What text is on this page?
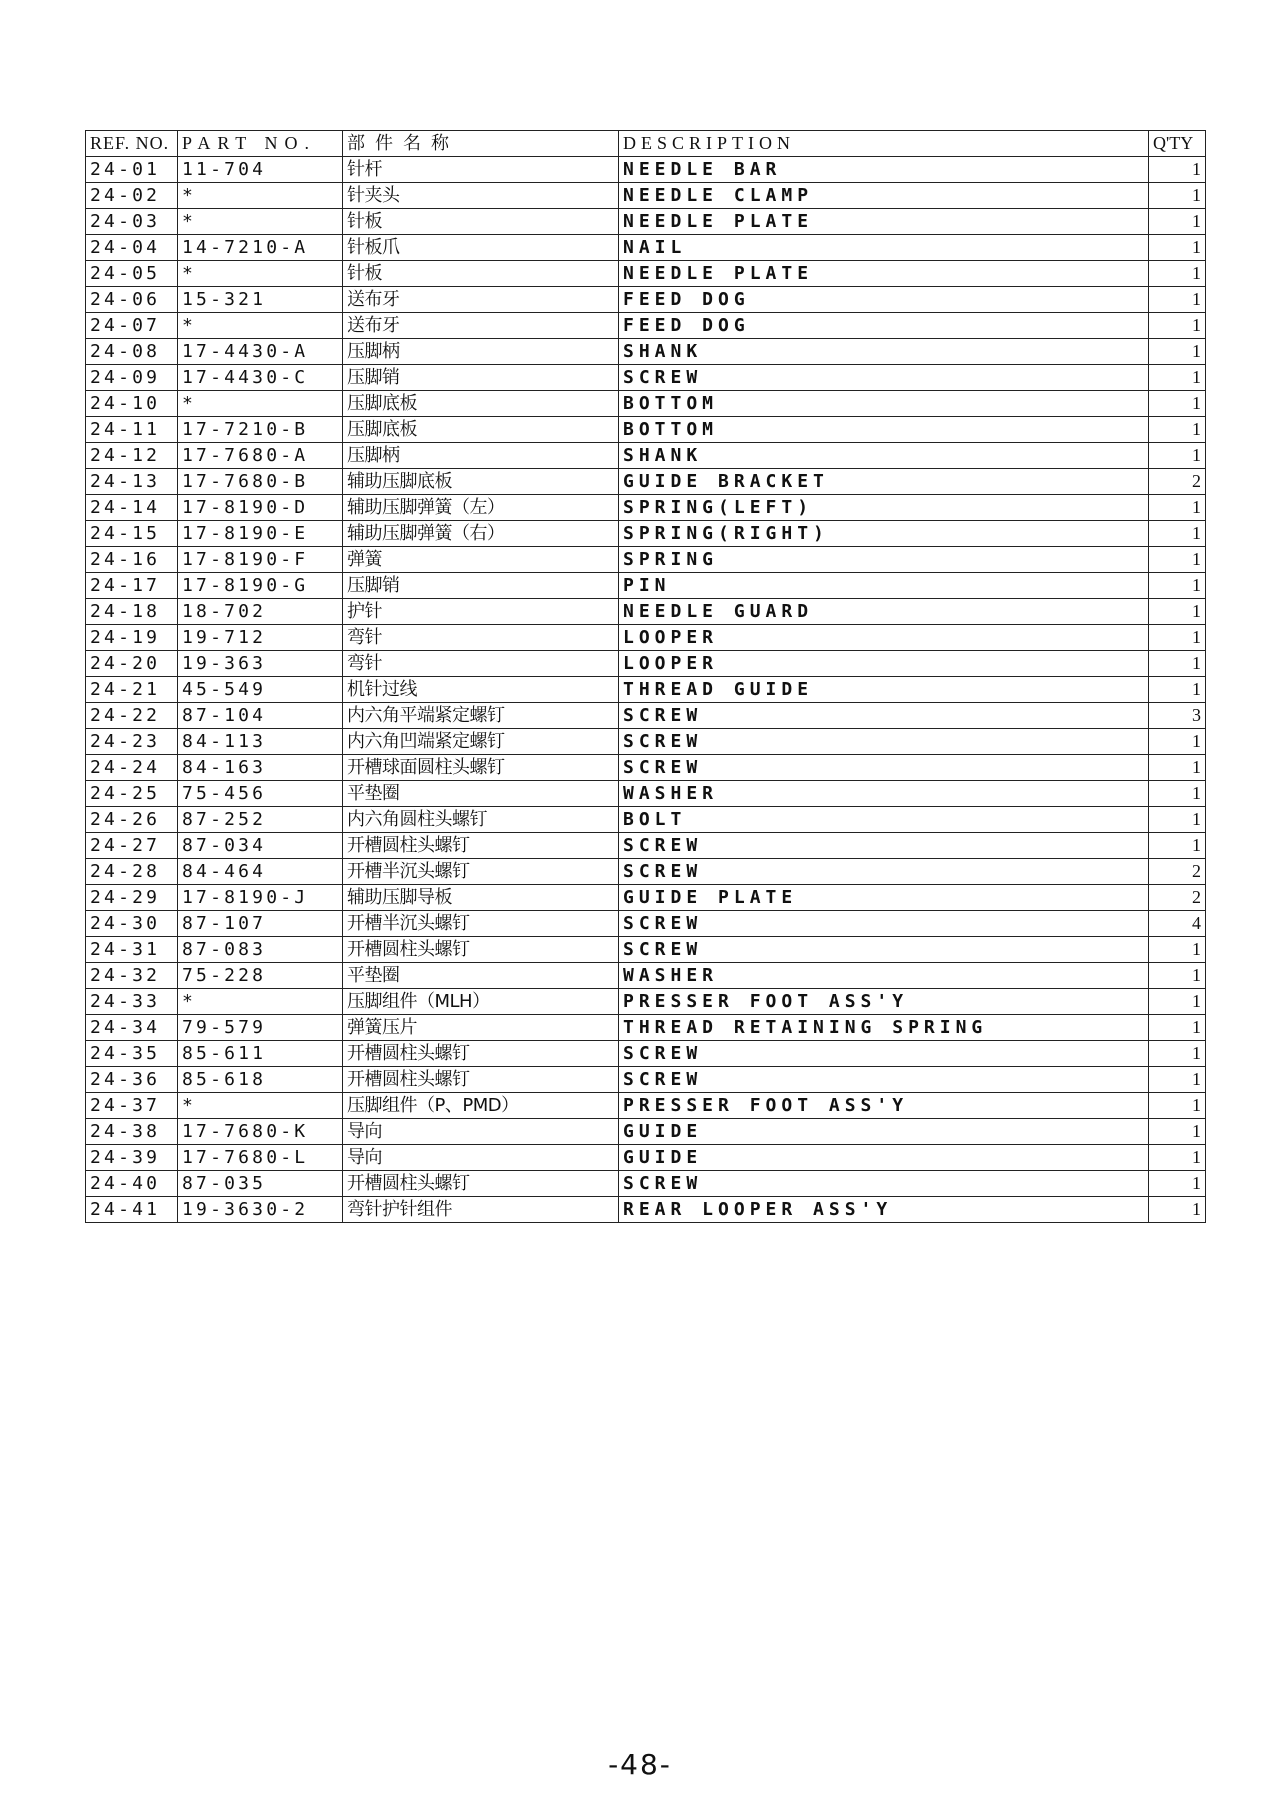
REF. NO.	PART NO.	部件名称	DESCRIPTION	Q'TY
24-01	11-704	针杆	NEEDLE BAR	1
24-02	*	针夹头	NEEDLE CLAMP	1
24-03	*	针板	NEEDLE PLATE	1
24-04	14-7210-A	针板爪	NAIL	1
24-05	*	针板	NEEDLE PLATE	1
24-06	15-321	送布牙	FEED DOG	1
24-07	*	送布牙	FEED DOG	1
24-08	17-4430-A	压脚柄	SHANK	1
24-09	17-4430-C	压脚销	SCREW	1
24-10	*	压脚底板	BOTTOM	1
24-11	17-7210-B	压脚底板	BOTTOM	1
24-12	17-7680-A	压脚柄	SHANK	1
24-13	17-7680-B	辅助压脚底板	GUIDE BRACKET	2
24-14	17-8190-D	辅助压脚弹簧（左）	SPRING(LEFT)	1
24-15	17-8190-E	辅助压脚弹簧（右）	SPRING(RIGHT)	1
24-16	17-8190-F	弹簧	SPRING	1
24-17	17-8190-G	压脚销	PIN	1
24-18	18-702	护针	NEEDLE GUARD	1
24-19	19-712	弯针	LOOPER	1
24-20	19-363	弯针	LOOPER	1
24-21	45-549	机针过线	THREAD GUIDE	1
24-22	87-104	内六角平端紧定螺钉	SCREW	3
24-23	84-113	内六角凹端紧定螺钉	SCREW	1
24-24	84-163	开槽球面圆柱头螺钉	SCREW	1
24-25	75-456	平垫圈	WASHER	1
24-26	87-252	内六角圆柱头螺钉	BOLT	1
24-27	87-034	开槽圆柱头螺钉	SCREW	1
24-28	84-464	开槽半沉头螺钉	SCREW	2
24-29	17-8190-J	辅助压脚导板	GUIDE PLATE	2
24-30	87-107	开槽半沉头螺钉	SCREW	4
24-31	87-083	开槽圆柱头螺钉	SCREW	1
24-32	75-228	平垫圈	WASHER	1
24-33	*	压脚组件（MLH）	PRESSER FOOT ASS'Y	1
24-34	79-579	弹簧压片	THREAD RETAINING SPRING	1
24-35	85-611	开槽圆柱头螺钉	SCREW	1
24-36	85-618	开槽圆柱头螺钉	SCREW	1
24-37	*	压脚组件（P、PMD）	PRESSER FOOT ASS'Y	1
24-38	17-7680-K	导向	GUIDE	1
24-39	17-7680-L	导向	GUIDE	1
24-40	87-035	开槽圆柱头螺钉	SCREW	1
24-41	19-3630-2	弯针护针组件	REAR LOOPER ASS'Y	1
-48-
